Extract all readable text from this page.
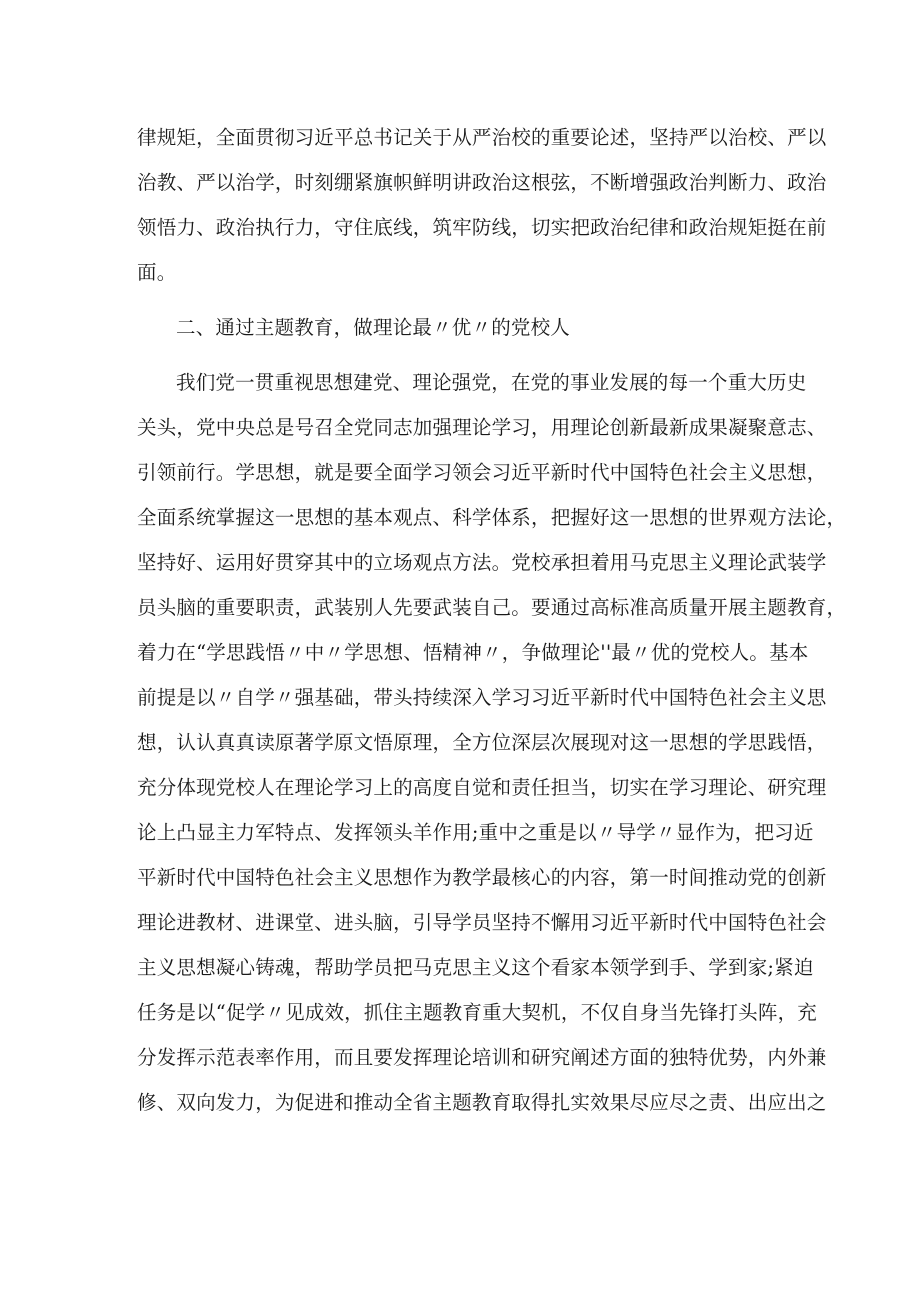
律规矩，全面贯彻习近平总书记关于从严治校的重要论述，坚持严以治校、严以
治教、严以治学，时刻绷紧旗帜鲜明讲政治这根弦，不断增强政治判断力、政治
领悟力、政治执行力，守住底线，筑牢防线，切实把政治纪律和政治规矩挺在前
面。
二、通过主题教育，做理论最〃优〃的党校人
我们党一贯重视思想建党、理论强党，在党的事业发展的每一个重大历史
关头，党中央总是号召全党同志加强理论学习，用理论创新最新成果凝聚意志、
引领前行。学思想，就是要全面学习领会习近平新时代中国特色社会主义思想，
全面系统掌握这一思想的基本观点、科学体系，把握好这一思想的世界观方法论，
坚持好、运用好贯穿其中的立场观点方法。党校承担着用马克思主义理论武装学
员头脑的重要职责，武装别人先要武装自己。要通过高标准高质量开展主题教育，
着力在“学思践悟〃中〃学思想、悟精神〃，争做理论''最〃优的党校人。基本
前提是以〃自学〃强基础，带头持续深入学习习近平新时代中国特色社会主义思
想，认认真真读原著学原文悟原理，全方位深层次展现对这一思想的学思践悟，
充分体现党校人在理论学习上的高度自觉和责任担当，切实在学习理论、研究理
论上凸显主力军特点、发挥领头羊作用;重中之重是以〃导学〃显作为，把习近
平新时代中国特色社会主义思想作为教学最核心的内容，第一时间推动党的创新
理论进教材、进课堂、进头脑，引导学员坚持不懈用习近平新时代中国特色社会
主义思想凝心铸魂，帮助学员把马克思主义这个看家本领学到手、学到家;紧迫
任务是以“促学〃见成效，抓住主题教育重大契机，不仅自身当先锋打头阵，充
分发挥示范表率作用，而且要发挥理论培训和研究阐述方面的独特优势，内外兼
修、双向发力，为促进和推动全省主题教育取得扎实效果尽应尽之责、出应出之
